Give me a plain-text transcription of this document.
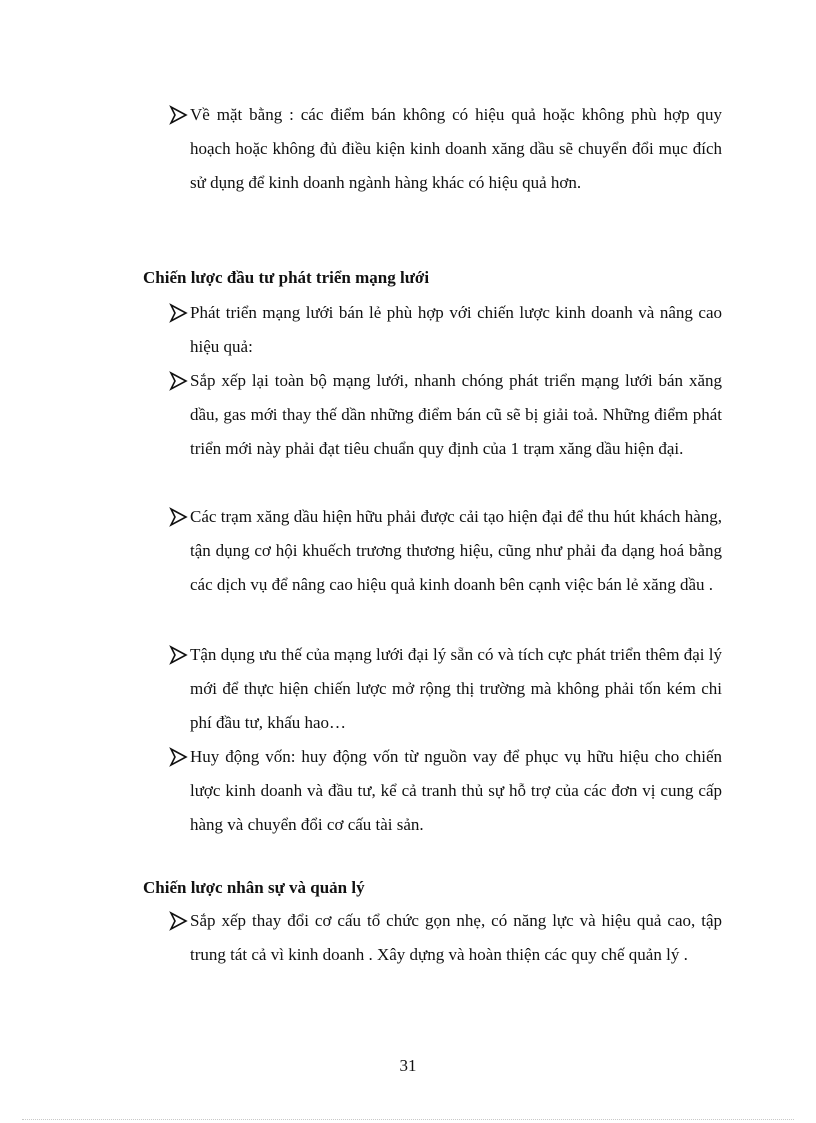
Về mặt bằng : các điểm bán không có hiệu quả hoặc không phù hợp quy hoạch hoặc không đủ điều kiện kinh doanh xăng dầu sẽ chuyển đổi mục đích sử dụng để kinh doanh ngành hàng khác có hiệu quả hơn.
Chiến lược đầu tư phát triển mạng lưới
Phát triển mạng lưới bán lẻ phù hợp với chiến lược kinh doanh và nâng cao hiệu quả:
Sắp xếp lại toàn bộ mạng lưới, nhanh chóng phát triển mạng lưới bán xăng dầu, gas mới thay thế dần những điểm bán cũ sẽ bị giải toả. Những điểm phát triển mới này phải đạt tiêu chuẩn quy định của 1 trạm xăng dầu hiện đại.
Các trạm xăng dầu hiện hữu phải được cải tạo hiện đại để thu hút khách hàng, tận dụng cơ hội khuếch trương thương hiệu, cũng như phải đa dạng hoá bằng các dịch vụ để nâng cao hiệu quả kinh doanh bên cạnh việc bán lẻ xăng dầu .
Tận dụng ưu thế của mạng lưới đại lý sẵn có và tích cực phát triển thêm đại lý mới để thực hiện chiến lược mở rộng thị trường mà không phải tốn kém chi phí đầu tư, khấu hao…
Huy động vốn: huy động vốn từ nguồn vay để phục vụ hữu hiệu cho chiến lược kinh doanh và đầu tư, kể cả tranh thủ sự hỗ trợ của các đơn vị cung cấp hàng và chuyển đổi cơ cấu tài sản.
Chiến lược nhân sự và quản lý
Sắp xếp thay đổi cơ cấu tổ chức gọn nhẹ, có năng lực và hiệu quả cao, tập trung tát cả vì kinh doanh . Xây dựng và hoàn thiện các quy chế quản lý .
31
